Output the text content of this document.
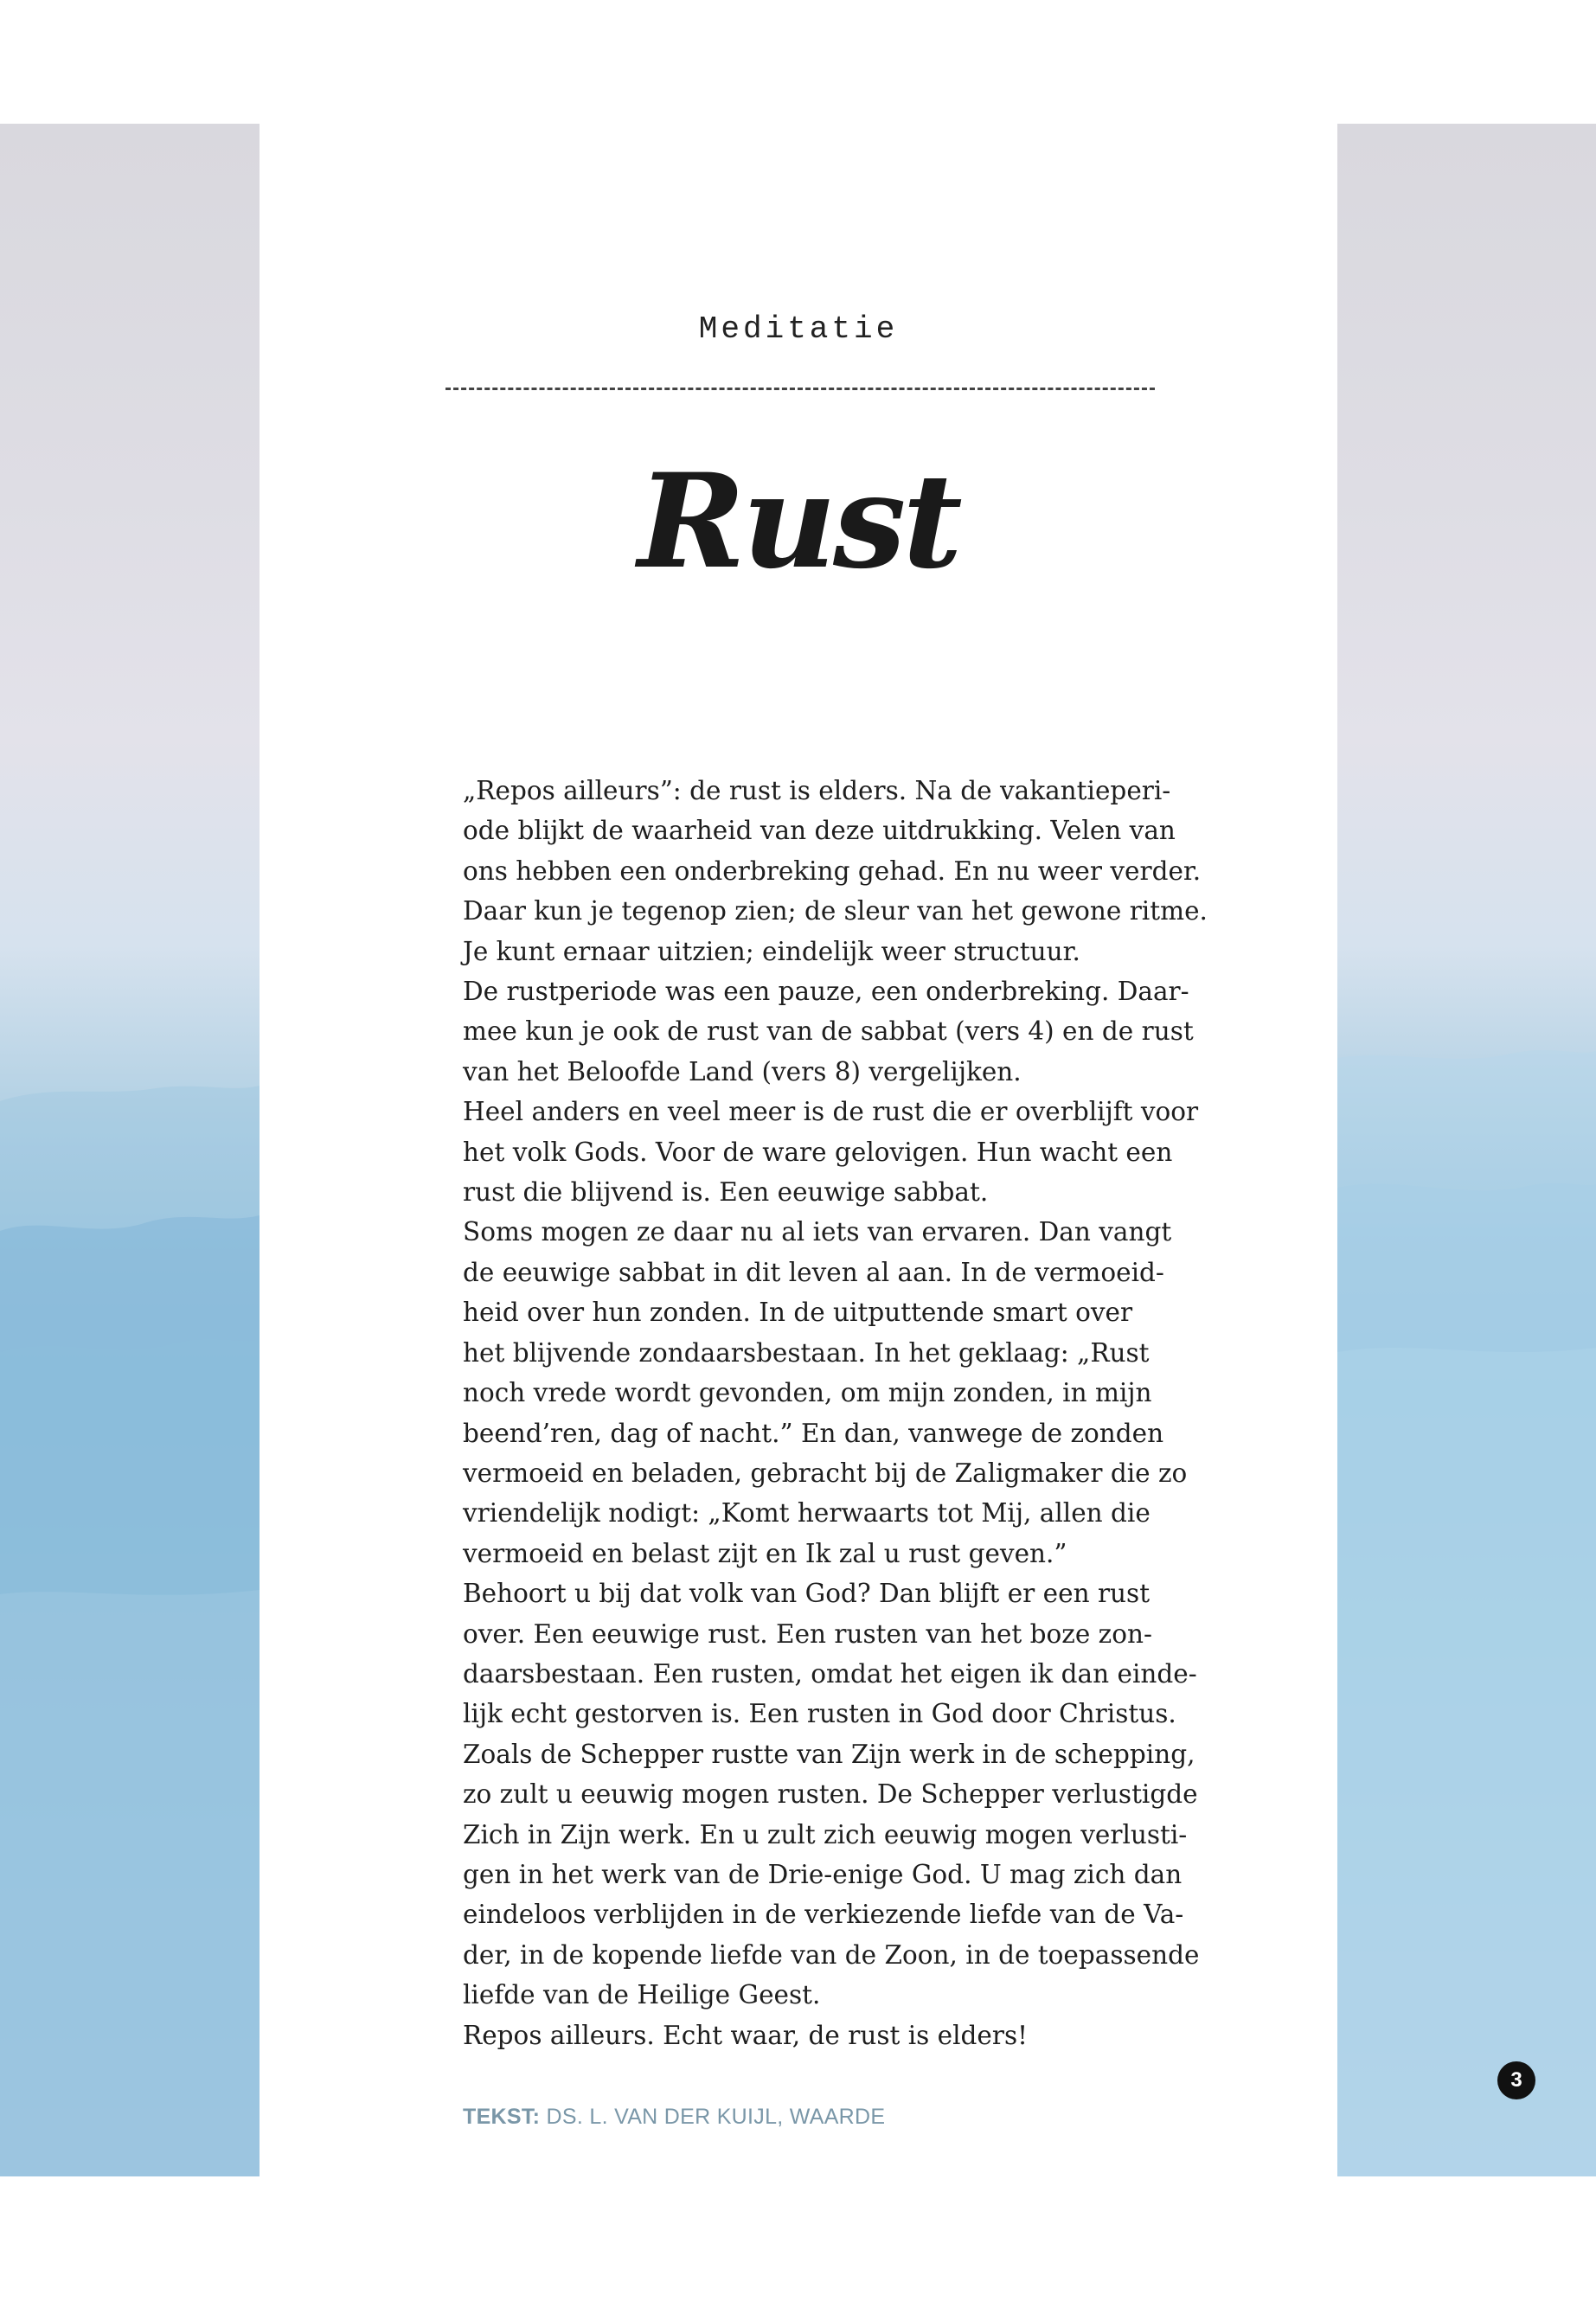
Meditatie

Rust
„Repos ailleurs”: de rust is elders. Na de vakantieperi-
ode blijkt de waarheid van deze uitdrukking. Velen van
ons hebben een onderbreking gehad. En nu weer verder.
Daar kun je tegenop zien; de sleur van het gewone ritme.
Je kunt ernaar uitzien; eindelijk weer structuur.
De rustperiode was een pauze, een onderbreking. Daar-
mee kun je ook de rust van de sabbat (vers 4) en de rust
van het Beloofde Land (vers 8) vergelijken.
Heel anders en veel meer is de rust die er overblijft voor
het volk Gods. Voor de ware gelovigen. Hun wacht een
rust die blijvend is. Een eeuwige sabbat.
Soms mogen ze daar nu al iets van ervaren. Dan vangt
de eeuwige sabbat in dit leven al aan. In de vermoeid-
heid over hun zonden. In de uitputtende smart over
het blijvende zondaarsbestaan. In het geklaag: „Rust
noch vrede wordt gevonden, om mijn zonden, in mijn
beend’ren, dag of nacht.” En dan, vanwege de zonden
vermoeid en beladen, gebracht bij de Zaligmaker die zo
vriendelijk nodigt: „Komt herwaarts tot Mij, allen die
vermoeid en belast zijt en Ik zal u rust geven.”
Behoort u bij dat volk van God? Dan blijft er een rust
over. Een eeuwige rust. Een rusten van het boze zon-
daarsbestaan. Een rusten, omdat het eigen ik dan einde-
lijk echt gestorven is. Een rusten in God door Christus.
Zoals de Schepper rustte van Zijn werk in de schepping,
zo zult u eeuwig mogen rusten. De Schepper verlustigde
Zich in Zijn werk. En u zult zich eeuwig mogen verlusti-
gen in het werk van de Drie-enige God. U mag zich dan
eindeloos verblijden in de verkiezende liefde van de Va-
der, in de kopende liefde van de Zoon, in de toepassende
liefde van de Heilige Geest.
Repos ailleurs. Echt waar, de rust is elders!
TEKST: DS. L. VAN DER KUIJL, WAARDE
3
